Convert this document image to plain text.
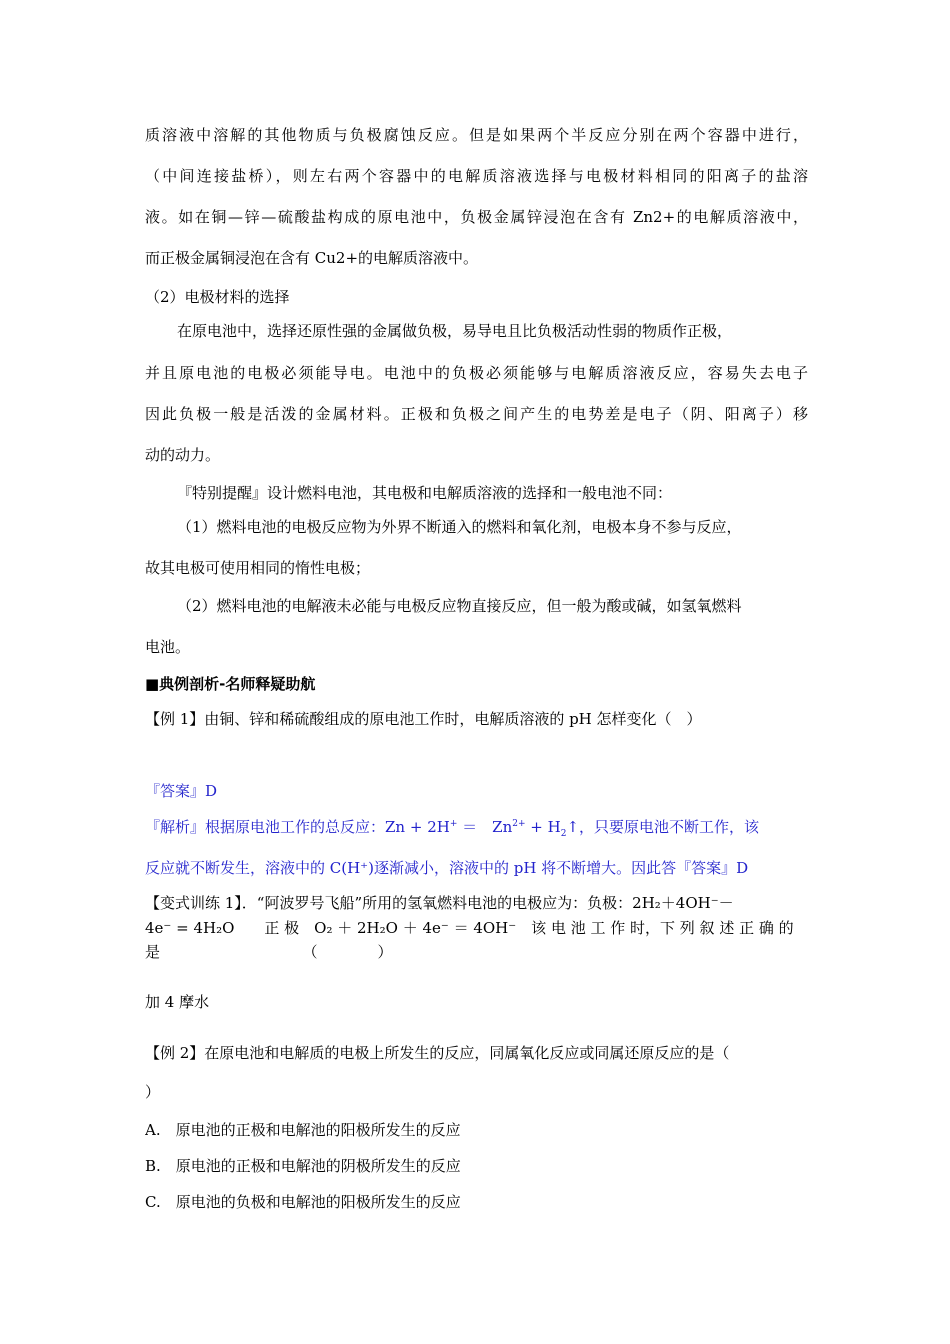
质溶液中溶解的其他物质与负极腐蚀反应。但是如果两个半反应分别在两个容器中进行，
（中间连接盐桥），则左右两个容器中的电解质溶液选择与电极材料相同的阳离子的盐溶
液。如在铜—锌—硫酸盐构成的原电池中，负极金属锌浸泡在含有 Zn2+的电解质溶液中，
而正极金属铜浸泡在含有 Cu2+的电解质溶液中。
（2）电极材料的选择
在原电池中，选择还原性强的金属做负极，易导电且比负极活动性弱的物质作正极，
并且原电池的电极必须能导电。电池中的负极必须能够与电解质溶液反应，容易失去电子
因此负极一般是活泼的金属材料。正极和负极之间产生的电势差是电子（阴、阳离子）移
动的动力。
『特别提醒』设计燃料电池，其电极和电解质溶液的选择和一般电池不同：
（1）燃料电池的电极反应物为外界不断通入的燃料和氧化剂，电极本身不参与反应，
故其电极可使用相同的惰性电极；
（2）燃料电池的电解液未必能与电极反应物直接反应，但一般为酸或碱，如氢氧燃料
电池。
■典例剖析-名师释疑助航
【例 1】由铜、锌和稀硫酸组成的原电池工作时，电解质溶液的 pH 怎样变化（　）
『答案』D
『解析』根据原电池工作的总反应：Zn + 2H+ ＝　$Zn^{2+}$ + $H_2↑$，只要原电池不断工作，该
反应就不断发生，溶液中的 C(H⁺)逐渐减小，溶液中的 pH 将不断增大。因此答『答案』D
【变式训练 1】．“阿波罗号飞船”所用的氢氧燃料电池的电极应为：负极：2H₂＋4OH⁻－
4e⁻ = 4H₂O　　正 极　O₂ ＋ 2H₂O ＋ 4e⁻ ＝ 4OH⁻　该 电 池 工 作 时，下 列 叙 述 正 确 的
是　　　　　　　　　　（　　　　）
加 4 摩水
【例 2】在原电池和电解质的电极上所发生的反应，同属氧化反应或同属还原反应的是（
）
A.　原电池的正极和电解池的阳极所发生的反应
B.　原电池的正极和电解池的阴极所发生的反应
C.　原电池的负极和电解池的阳极所发生的反应
